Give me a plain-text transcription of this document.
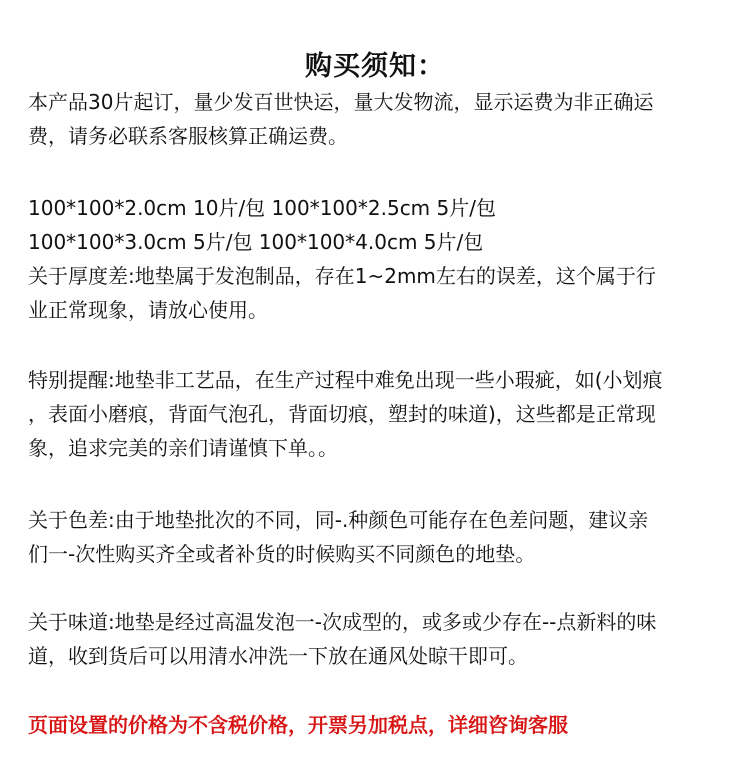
购买须知：
本产品30片起订，量少发百世快运，量大发物流，显示运费为非正确运
费，请务必联系客服核算正确运费。
100*100*2.0cm 10片/包 100*100*2.5cm 5片/包
100*100*3.0cm 5片/包 100*100*4.0cm 5片/包
关于厚度差:地垫属于发泡制品，存在1~2mm左右的误差，这个属于行
业正常现象，请放心使用。
特别提醒:地垫非工艺品，在生产过程中难免出现一些小瑕疵，如(小划痕
，表面小磨痕，背面气泡孔，背面切痕，塑封的味道)，这些都是正常现
象，追求完美的亲们请谨慎下单。。
关于色差:由于地垫批次的不同，同-.种颜色可能存在色差问题，建议亲
们一-次性购买齐全或者补货的时候购买不同颜色的地垫。
关于味道:地垫是经过高温发泡一-次成型的，或多或少存在--点新料的味
道，收到货后可以用清水冲洗一下放在通风处晾干即可。
页面设置的价格为不含税价格，开票另加税点，详细咨询客服
